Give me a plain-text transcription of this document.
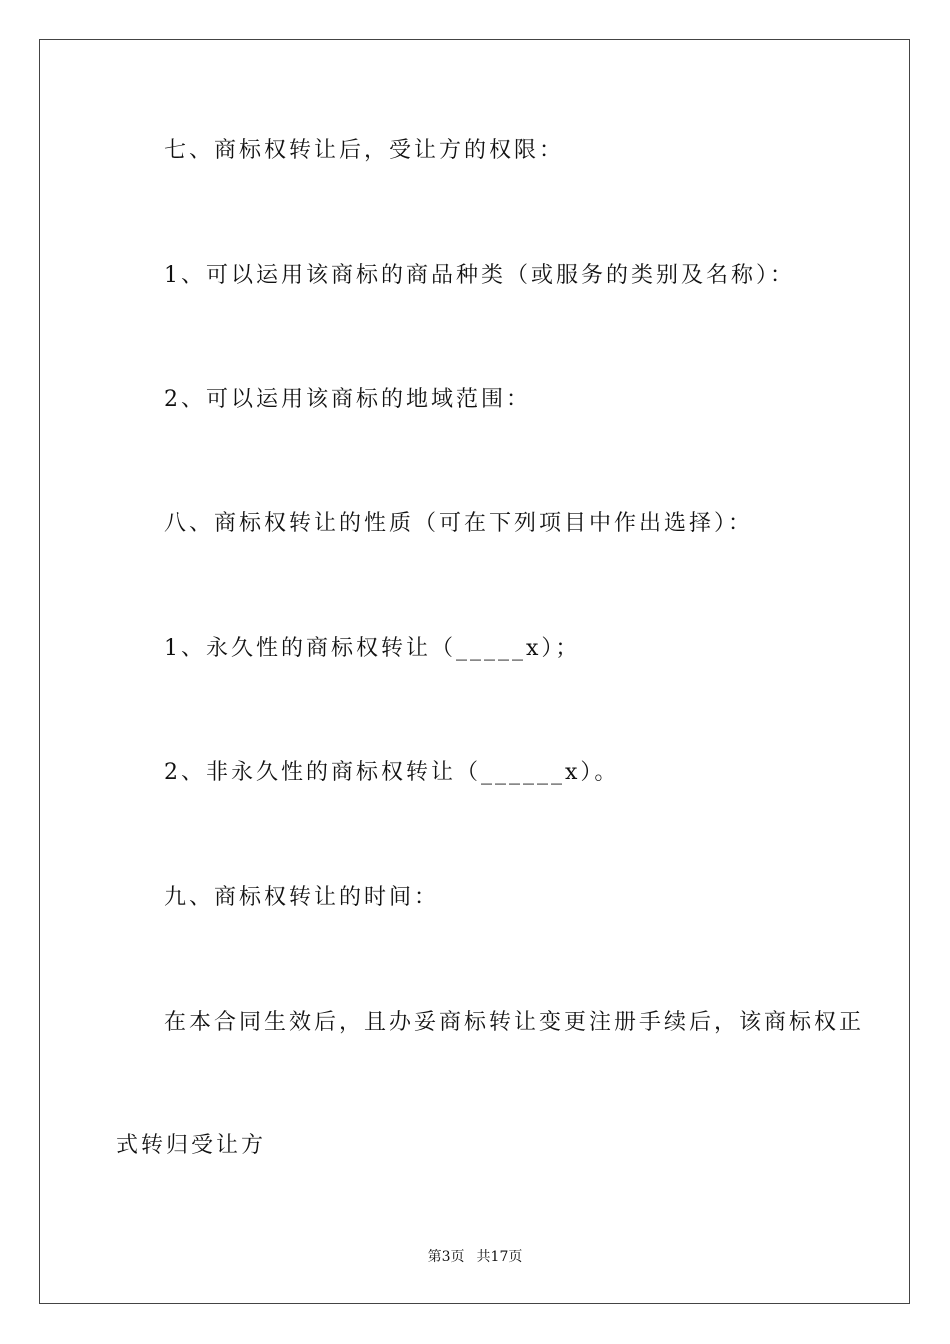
七、商标权转让后，受让方的权限：
1、可以运用该商标的商品种类（或服务的类别及名称）：
2、可以运用该商标的地域范围：
八、商标权转让的性质（可在下列项目中作出选择）：
1、永久性的商标权转让（_____x）；
2、非永久性的商标权转让（______x）。
九、商标权转让的时间：
在本合同生效后，且办妥商标转让变更注册手续后，该商标权正
式转归受让方
第3页 共17页
